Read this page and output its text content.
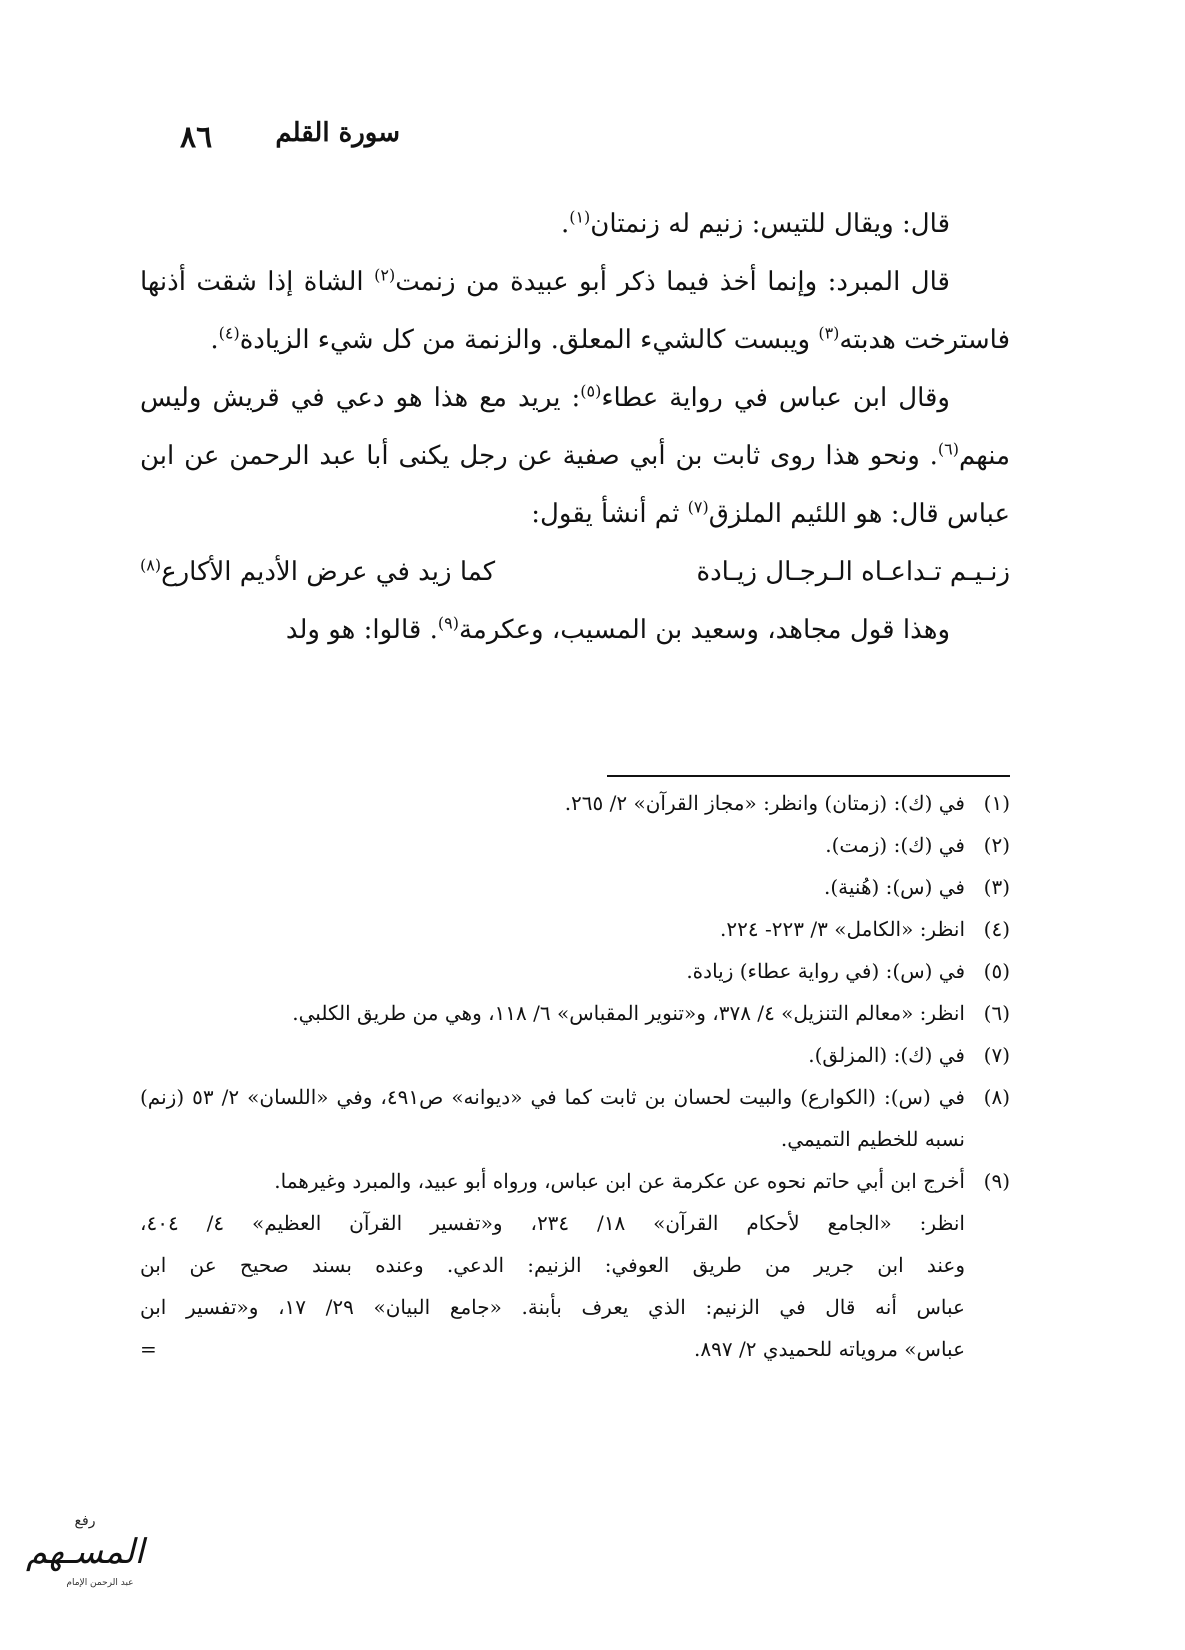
٨٦ سورة القلم

قال: ويقال للتيس: زنيم له زنمتان$^{(١)}$.

قال المبرد: وإنما أخذ فيما ذكر أبو عبيدة من زنمت$^{(٢)}$ الشاة إذا شقت أذنها فاسترخت هدبته$^{(٣)}$ ويبست كالشيء المعلق. والزنمة من كل شيء الزيادة$^{(٤)}$.

وقال ابن عباس في رواية عطاء$^{(٥)}$: يريد مع هذا هو دعي في قريش وليس منهم$^{(٦)}$. ونحو هذا روى ثابت بن أبي صفية عن رجل يكنى أبا عبد الرحمن عن ابن عباس قال: هو اللئيم الملزق$^{(٧)}$ ثم أنشأ يقول:

زنـيـم تـداعـاه الـرجـال زيـادة
كما زيد في عرض الأديم الأكارع$^{(٨)}$

وهذا قول مجاهد، وسعيد بن المسيب، وعكرمة$^{(٩)}$. قالوا: هو ولد

(١)
في (ك): (زمتان) وانظر: «مجاز القرآن» ٢/ ٢٦٥.
(٢)
في (ك): (زمت).
(٣)
في (س): (هُنية).
(٤)
انظر: «الكامل» ٣/ ٢٢٣- ٢٢٤.
(٥)
في (س): (في رواية عطاء) زيادة.
(٦)
انظر: «معالم التنزيل» ٤/ ٣٧٨، و«تنوير المقباس» ٦/ ١١٨، وهي من طريق الكلبي.
(٧)
في (ك): (المزلق).
(٨)
في (س): (الكوارع) والبيت لحسان بن ثابت كما في «ديوانه» ص٤٩١، وفي «اللسان» ٢/ ٥٣ (زنم) نسبه للخطيم التميمي.
(٩)
أخرج ابن أبي حاتم نحوه عن عكرمة عن ابن عباس، ورواه أبو عبيد، والمبرد وغيرهما.
انظر: «الجامع لأحكام القرآن» ١٨/ ٢٣٤، و«تفسير القرآن العظيم» ٤/ ٤٠٤،
وعند ابن جرير من طريق العوفي: الزنيم: الدعي. وعنده بسند صحيح عن ابن
عباس أنه قال في الزنيم: الذي يعرف بأبنة. «جامع البيان» ٢٩/ ١٧، و«تفسير ابن
عباس» مروياته للحميدي ٢/ ٨٩٧.
=
رفع
المسـهم
عبد الرحمن الإمام
